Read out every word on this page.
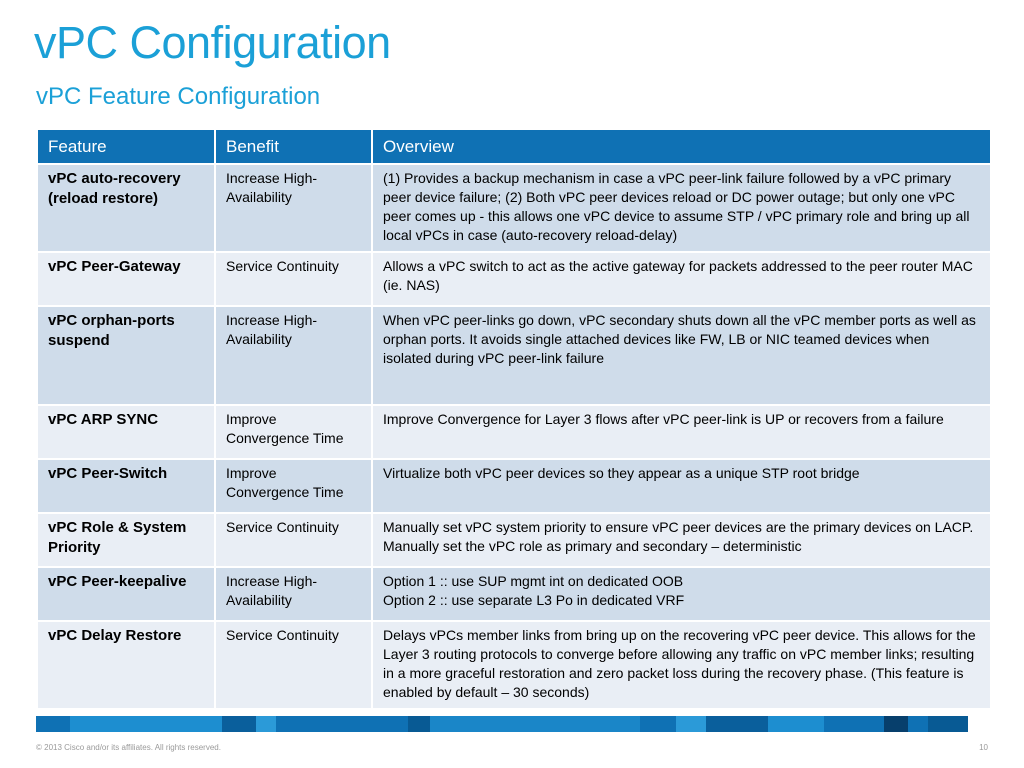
vPC Configuration
vPC Feature Configuration
Feature	Benefit	Overview
vPC auto-recovery (reload restore)	Increase High-Availability	(1) Provides a backup mechanism in case a vPC peer-link failure followed by a vPC primary peer device failure; (2) Both vPC peer devices reload or DC power outage; but only one vPC peer comes up - this allows one vPC device to assume STP / vPC primary role and bring up all local vPCs in case (auto-recovery reload-delay)
vPC Peer-Gateway	Service Continuity	Allows a vPC switch to act as the active gateway for packets addressed to the peer router MAC (ie. NAS)
vPC orphan-ports suspend	Increase High-Availability	When vPC peer-links go down, vPC secondary shuts down all the vPC member ports as well as orphan ports. It avoids single attached devices like FW, LB or NIC teamed devices when isolated during vPC peer-link failure
vPC ARP SYNC	Improve Convergence Time	Improve Convergence for Layer 3 flows after vPC peer-link is UP or recovers from a failure
vPC Peer-Switch	Improve Convergence Time	Virtualize both vPC peer devices so they appear as a unique STP root bridge
vPC Role & System Priority	Service Continuity	Manually set vPC system priority to ensure vPC peer devices are the primary devices on LACP. Manually set the vPC role as primary and secondary – deterministic
vPC Peer-keepalive	Increase High-Availability	Option 1 :: use SUP mgmt int on dedicated OOB
Option 2 :: use separate L3 Po in dedicated VRF

vPC Delay Restore	Service Continuity	Delays vPCs member links from bring up on the recovering vPC peer device. This allows for the Layer 3 routing protocols to converge before allowing any traffic on vPC member links; resulting in a more graceful restoration and zero packet loss during the recovery phase. (This feature is enabled by default – 30 seconds)
© 2013 Cisco and/or its affiliates. All rights reserved.	10
